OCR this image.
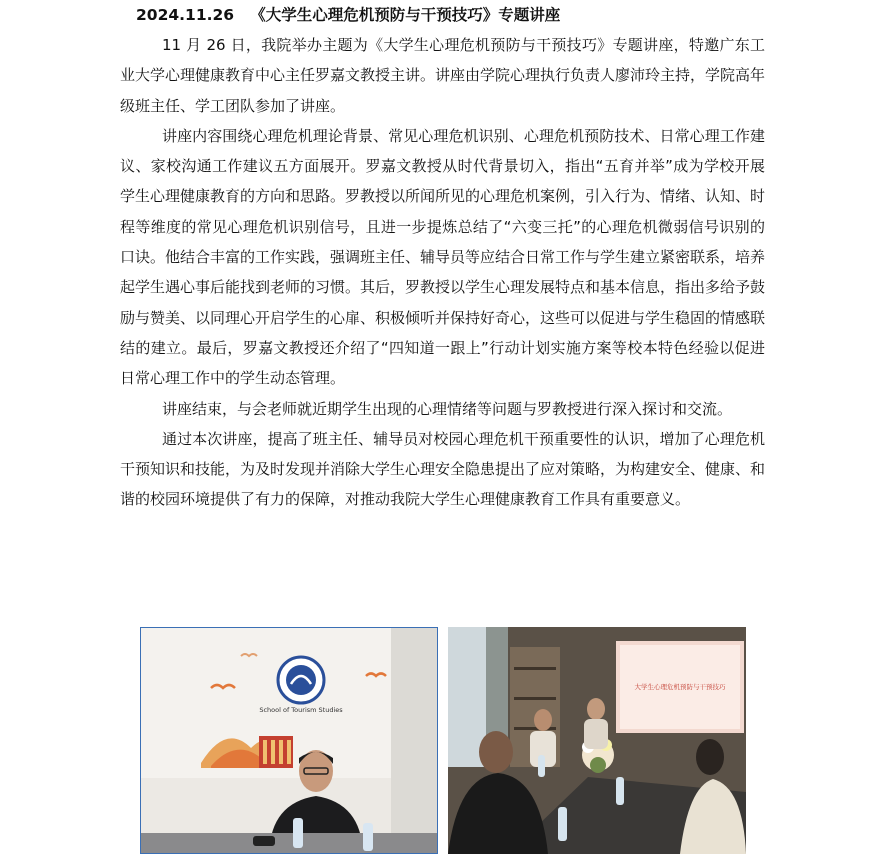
2024.11.26 《大学生心理危机预防与干预技巧》专题讲座

11 月 26 日，我院举办主题为《大学生心理危机预防与干预技巧》专题讲座，特邀广东工业大学心理健康教育中心主任罗嘉文教授主讲。讲座由学院心理执行负责人廖沛玲主持，学院高年级班主任、学工团队参加了讲座。

讲座内容围绕心理危机理论背景、常见心理危机识别、心理危机预防技术、日常心理工作建议、家校沟通工作建议五方面展开。罗嘉文教授从时代背景切入，指出“五育并举”成为学校开展学生心理健康教育的方向和思路。罗教授以所闻所见的心理危机案例，引入行为、情绪、认知、时程等维度的常见心理危机识别信号，且进一步提炼总结了“六变三托”的心理危机微弱信号识别的口诀。他结合丰富的工作实践，强调班主任、辅导员等应结合日常工作与学生建立紧密联系，培养起学生遇心事后能找到老师的习惯。其后，罗教授以学生心理发展特点和基本信息，指出多给予鼓励与赞美、以同理心开启学生的心扉、积极倾听并保持好奇心，这些可以促进与学生稳固的情感联结的建立。最后，罗嘉文教授还介绍了“四知道一跟上”行动计划实施方案等校本特色经验以促进日常心理工作中的学生动态管理。

讲座结束，与会老师就近期学生出现的心理情绪等问题与罗教授进行深入探讨和交流。

通过本次讲座，提高了班主任、辅导员对校园心理危机干预重要性的认识，增加了心理危机干预知识和技能，为及时发现并消除大学生心理安全隐患提出了应对策略，为构建安全、健康、和谐的校园环境提供了有力的保障，对推动我院大学生心理健康教育工作具有重要意义。

School of Tourism Studies
大学生心理危机预防与干预技巧
